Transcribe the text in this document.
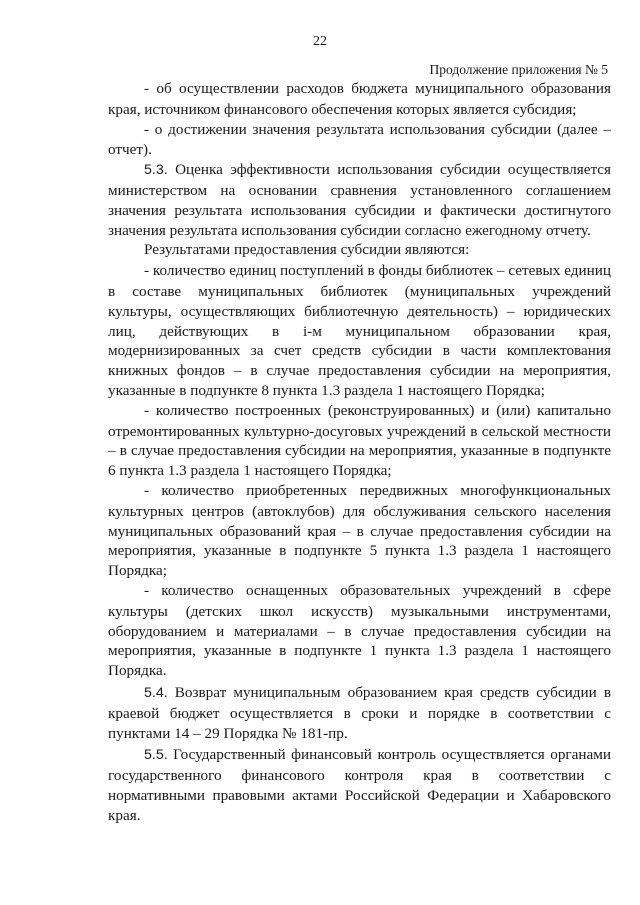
22
Продолжение приложения № 5

- об осуществлении расходов бюджета муниципального образования края, источником финансового обеспечения которых является субсидия;

- о достижении значения результата использования субсидии (далее – отчет).

5.3. Оценка эффективности использования субсидии осуществляется министерством на основании сравнения установленного соглашением значения результата использования субсидии и фактически достигнутого значения результата использования субсидии согласно ежегодному отчету.

Результатами предоставления субсидии являются:

- количество единиц поступлений в фонды библиотек – сетевых единиц в составе муниципальных библиотек (муниципальных учреждений культуры, осуществляющих библиотечную деятельность) – юридических лиц, действующих в i-м муниципальном образовании края, модернизированных за счет средств субсидии в части комплектования книжных фондов – в случае предоставления субсидии на мероприятия, указанные в подпункте 8 пункта 1.3 раздела 1 настоящего Порядка;

- количество построенных (реконструированных) и (или) капитально отремонтированных культурно-досуговых учреждений в сельской местности – в случае предоставления субсидии на мероприятия, указанные в подпункте 6 пункта 1.3 раздела 1 настоящего Порядка;

- количество приобретенных передвижных многофункциональных культурных центров (автоклубов) для обслуживания сельского населения муниципальных образований края – в случае предоставления субсидии на мероприятия, указанные в подпункте 5 пункта 1.3 раздела 1 настоящего Порядка;

- количество оснащенных образовательных учреждений в сфере культуры (детских школ искусств) музыкальными инструментами, оборудованием и материалами – в случае предоставления субсидии на мероприятия, указанные в подпункте 1 пункта 1.3 раздела 1 настоящего Порядка.

5.4. Возврат муниципальным образованием края средств субсидии в краевой бюджет осуществляется в сроки и порядке в соответствии с пунктами 14 – 29 Порядка № 181-пр.

5.5. Государственный финансовый контроль осуществляется органами государственного финансового контроля края в соответствии с нормативными правовыми актами Российской Федерации и Хабаровского края.
